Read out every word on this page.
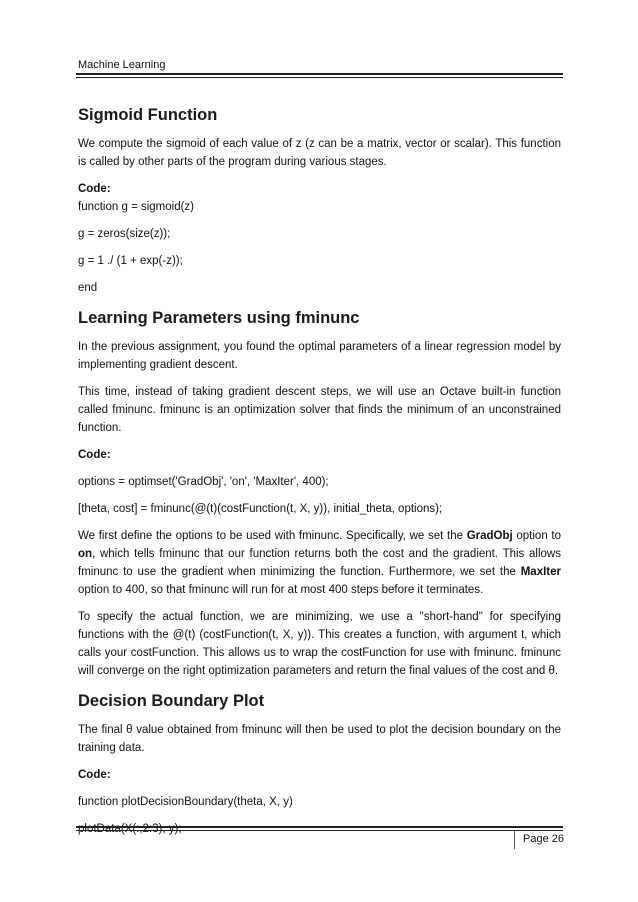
Machine Learning
Sigmoid Function

We compute the sigmoid of each value of z (z can be a matrix, vector or scalar). This function is called by other parts of the program during various stages.

Code:

function g = sigmoid(z)

g = zeros(size(z));

g = 1 ./ (1 + exp(-z));

end

Learning Parameters using fminunc

In the previous assignment, you found the optimal parameters of a linear regression model by implementing gradient descent.

This time, instead of taking gradient descent steps, we will use an Octave built-in function called fminunc. fminunc is an optimization solver that finds the minimum of an unconstrained function.

Code:

options = optimset('GradObj', 'on', 'MaxIter', 400);

[theta, cost] = fminunc(@(t)(costFunction(t, X, y)), initial_theta, options);

We first define the options to be used with fminunc. Specifically, we set the GradObj option to on, which tells fminunc that our function returns both the cost and the gradient. This allows fminunc to use the gradient when minimizing the function. Furthermore, we set the MaxIter option to 400, so that fminunc will run for at most 400 steps before it terminates.

To specify the actual function, we are minimizing, we use a "short-hand" for specifying functions with the @(t) (costFunction(t, X, y)). This creates a function, with argument t, which calls your costFunction. This allows us to wrap the costFunction for use with fminunc. fminunc will converge on the right optimization parameters and return the final values of the cost and θ.

Decision Boundary Plot

The final θ value obtained from fminunc will then be used to plot the decision boundary on the training data.

Code:

function plotDecisionBoundary(theta, X, y)

plotData(X(:,2:3), y);

Page 26
